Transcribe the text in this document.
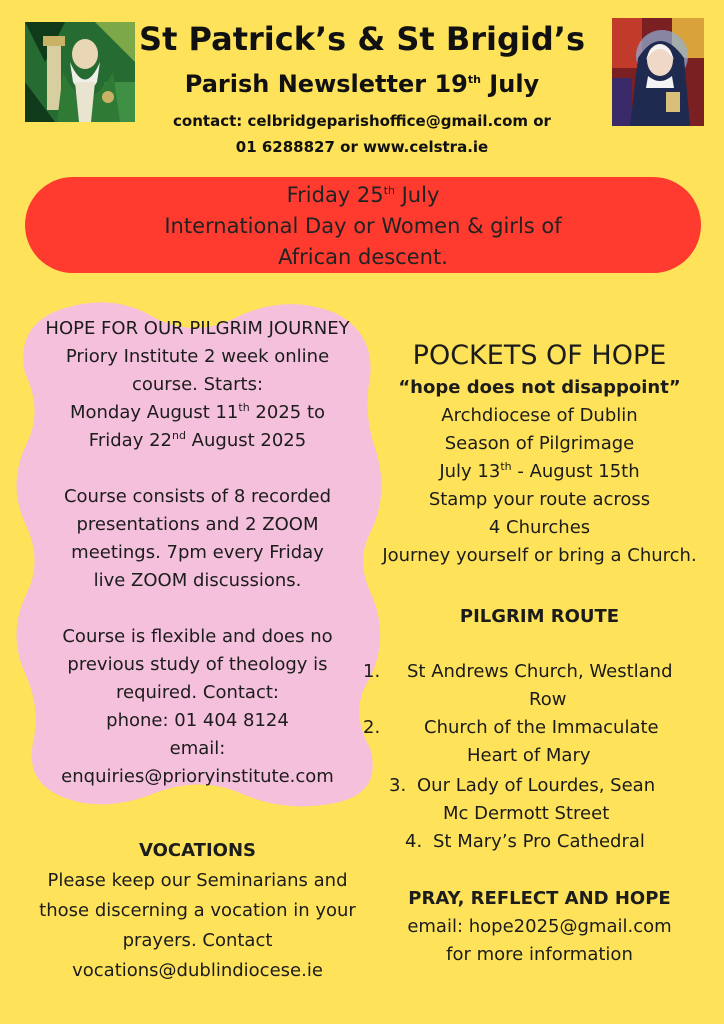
St Patrick’s & St Brigid’s
Parish Newsletter 19th July
contact: celbridgeparishoffice@gmail.com or
01 6288827 or www.celstra.ie
Friday 25th July
International Day or Women & girls of
African descent.
HOPE FOR OUR PILGRIM JOURNEY
Priory Institute 2 week online
course. Starts:
Monday August 11th 2025 to
Friday 22nd August 2025
Course consists of 8 recorded
presentations and 2 ZOOM
meetings. 7pm every Friday
live ZOOM discussions.
Course is flexible and does no
previous study of theology is
required. Contact:
phone: 01 404 8124
email:
enquiries@prioryinstitute.com
VOCATIONS
Please keep our Seminarians and
those discerning a vocation in your
prayers. Contact
vocations@dublindiocese.ie
POCKETS OF HOPE
“hope does not disappoint”
Archdiocese of Dublin
Season of Pilgrimage
July 13th - August 15th
Stamp your route across
4 Churches
Journey yourself or bring a Church.
PILGRIM ROUTE
1. St Andrews Church, Westland
Row
2. Church of the Immaculate
Heart of Mary
3. Our Lady of Lourdes, Sean
Mc Dermott Street
4. St Mary’s Pro Cathedral
PRAY, REFLECT AND HOPE
email: hope2025@gmail.com
for more information
